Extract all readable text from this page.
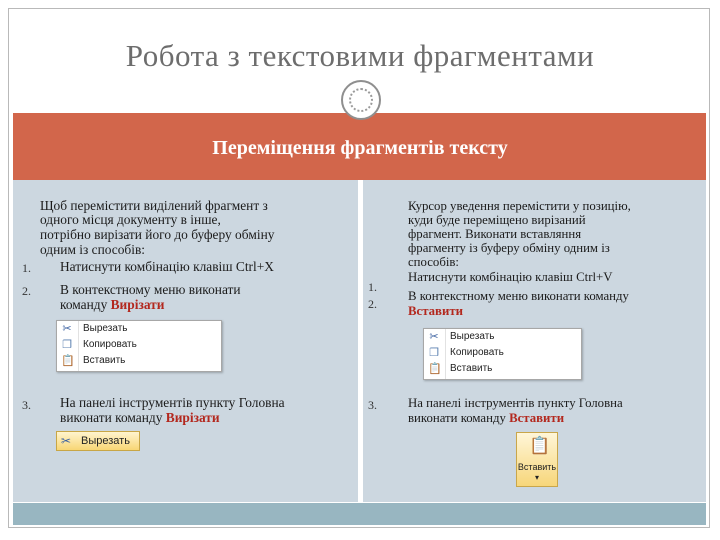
Робота з текстовими фрагментами
Переміщення фрагментів тексту
Щоб перемістити виділений фрагмент з
одного місця документу в інше,
потрібно вирізати його до буферу обміну
одним із способів:
1. Натиснути комбінацію клавіш Ctrl+X
2. В контекстному меню виконати
команду Вирізати
✂ Вырезать
❐ Копировать
📋 Вставить
3. На панелі інструментів пункту Головна
виконати команду Вирізати
✂ Вырезать
Курсор уведення перемістити у позицію,
куди буде переміщено вирізаний
фрагмент. Виконати вставляння
фрагменту із буферу обміну одним із
способів:
1.
Натиснути комбінацію клавіш Ctrl+V
2.
В контекстному меню виконати команду
Вставити
✂ Вырезать
❐ Копировать
📋 Вставить
3. На панелі інструментів пункту Головна
виконати команду Вставити
📋
Вставить
▾
